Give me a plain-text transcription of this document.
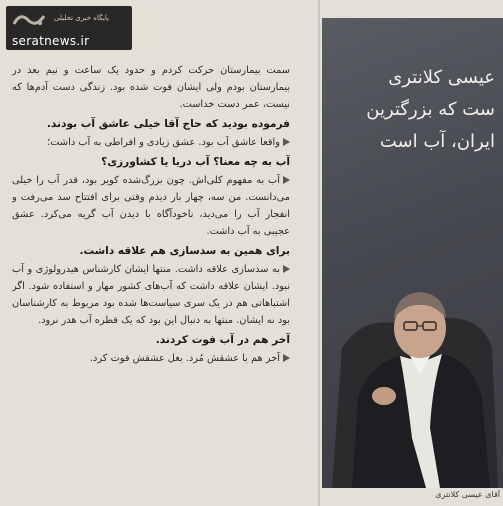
پایگاه خبری تحلیلی
seratnews.ir

سمت بیمارستان حرکت کردم و حدود یک ساعت و نیم بعد در بیمارستان بودم ولی ایشان فوت شده بود. زندگی دست آدم‌ها که نیست، عمر دست خداست.

فرموده بودید که حاج آقا خیلی عاشق آب بودند.

واقعا عاشق آب بود. عشق زیادی و افراطی به آب داشت؛

آب به چه معنا؟ آب دریا یا کشاورزی؟

آب به مفهوم کلی‌اش. چون بزرگ‌شده کویر بود، قدر آب را خیلی می‌دانست. من سه، چهار بار دیدم وقتی برای افتتاح سد می‌رفت و انفجار آب را می‌دید، ناخودآگاه با دیدن آب گریه می‌کرد. عشق عجیبی به آب داشت.

برای همین به سدسازی هم علاقه داشت.

به سدسازی علاقه داشت. منتها ایشان کارشناس هیدرولوژی و آب نبود. ایشان علاقه داشت که آب‌های کشور مهار و استفاده شود. اگر اشتباهاتی هم در یک سری سیاست‌ها شده بود مربوط به کارشناسان بود نه ایشان. منتها به دنبال این بود که یک قطره آب هدر نرود.

آخر هم در آب فوت کردند.

آخر هم با عشقش مُرد. بغل عشقش فوت کرد.

عیسی کلانتری
ست که بزرگترین
ایران، آب است
آقای عیسی کلانتری
